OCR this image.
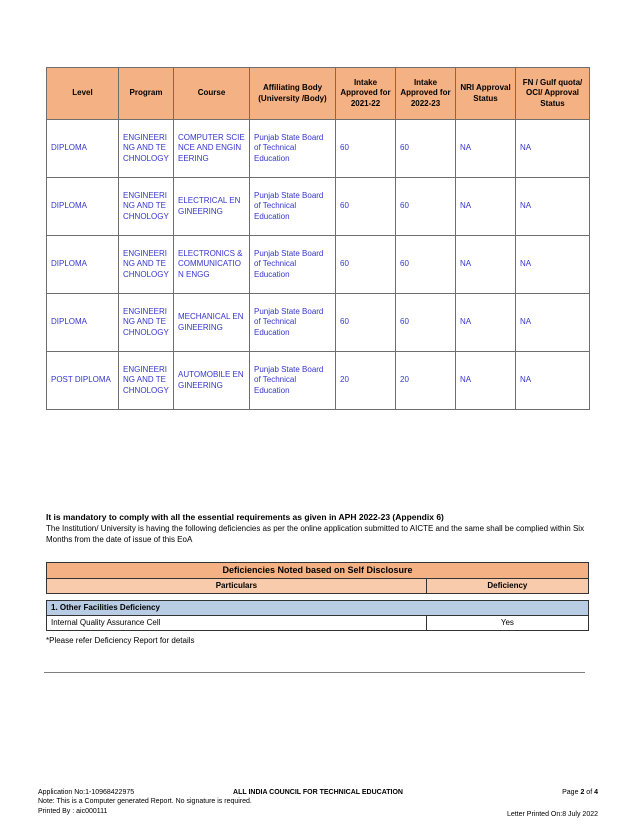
Level	Program	Course	Affiliating Body (University /Body)	Intake Approved for 2021-22	Intake Approved for 2022-23	NRI Approval Status	FN / Gulf quota/ OCI/ Approval Status
DIPLOMA	ENGINEERING AND TECHNOLOGY	COMPUTER SCIENCE AND ENGINEERING	Punjab State Board of Technical Education	60	60	NA	NA
DIPLOMA	ENGINEERING AND TECHNOLOGY	ELECTRICAL ENGINEERING	Punjab State Board of Technical Education	60	60	NA	NA
DIPLOMA	ENGINEERING AND TECHNOLOGY	ELECTRONICS & COMMUNICATION ENGG	Punjab State Board of Technical Education	60	60	NA	NA
DIPLOMA	ENGINEERING AND TECHNOLOGY	MECHANICAL ENGINEERING	Punjab State Board of Technical Education	60	60	NA	NA
POST DIPLOMA	ENGINEERING AND TECHNOLOGY	AUTOMOBILE ENGINEERING	Punjab State Board of Technical Education	20	20	NA	NA
It is mandatory to comply with all the essential requirements as given in APH 2022-23 (Appendix 6)
The Institution/ University is having the following deficiencies as per the online application submitted to AICTE and the same shall be complied within Six Months from the date of issue of this EoA
Deficiencies Noted based on Self Disclosure
Particulars	Deficiency
1. Other Facilities Deficiency
Internal Quality Assurance Cell	Yes
*Please refer Deficiency Report for details
Application No:1-10968422975
Note: This is a Computer generated Report. No signature is required.
Printed By : aic000111
ALL INDIA COUNCIL FOR TECHNICAL EDUCATION	Page 2 of 4
Letter Printed On:8 July 2022
